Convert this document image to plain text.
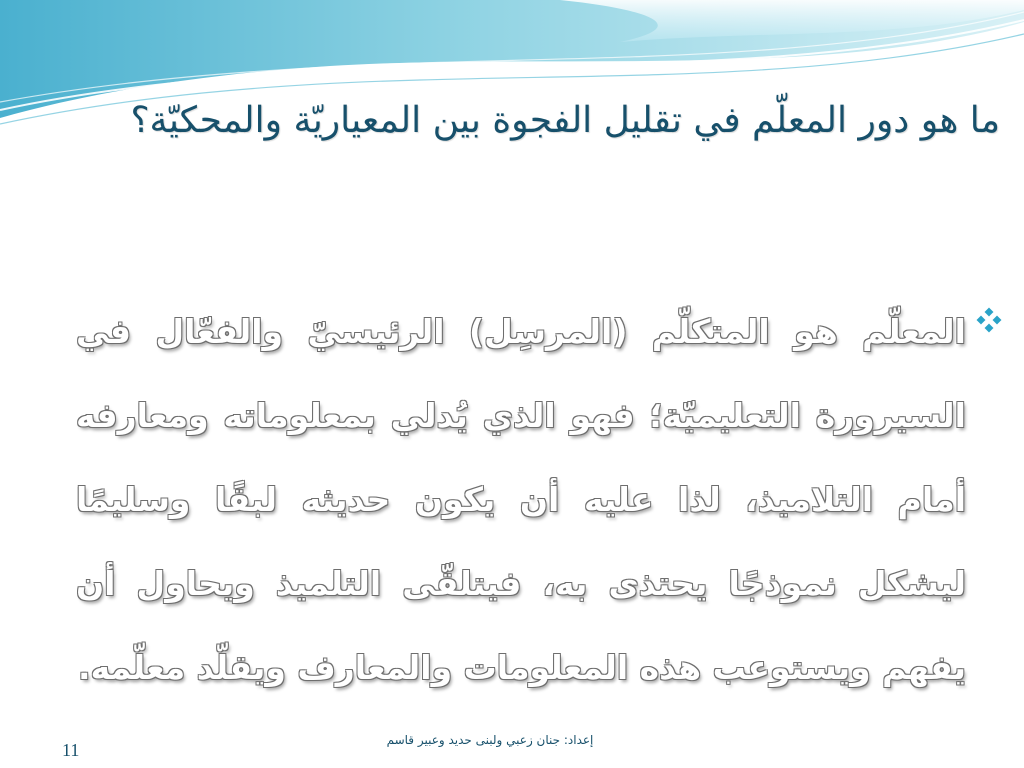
ما هو دور المعلّم في تقليل الفجوة بين المعياريّة والمحكيّة؟
المعلّم هو المتكلّم (المرسِل) الرئيسيّ والفعّال في السيرورة التعليميّة؛ فهو الذي يُدلي بمعلوماته ومعارفه أمام التلاميذ، لذا عليه أن يكون حديثه لبقًا وسليمًا ليشكل نموذجًا يحتذى به، فيتلقّى التلميذ ويحاول أن يفهم ويستوعب هذه المعلومات والمعارف ويقلّد معلّمه.
إعداد: جنان زعبي ولبنى حديد وعبير قاسم
11
